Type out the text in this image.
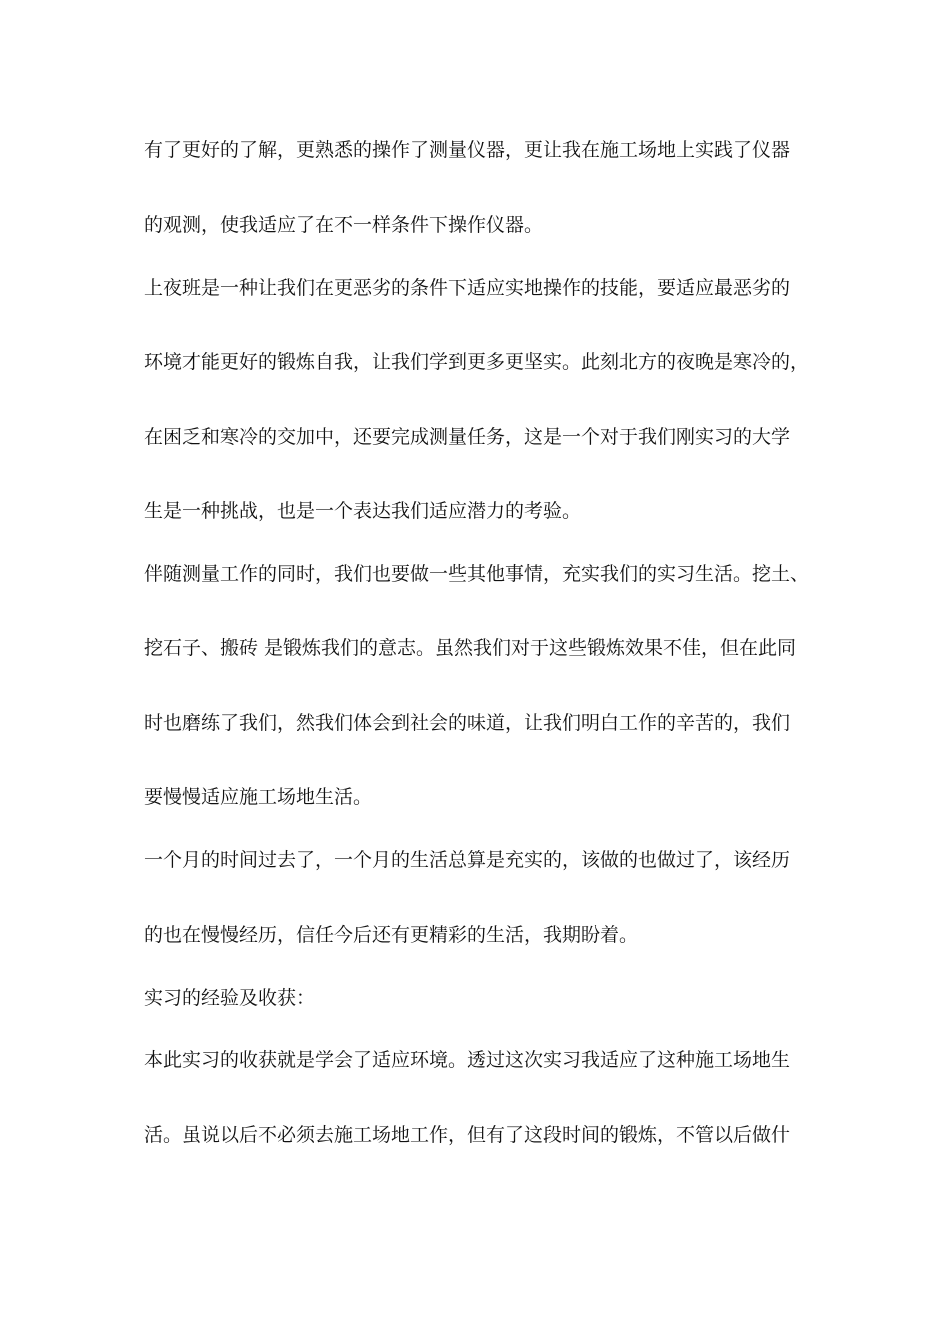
有了更好的了解，更熟悉的操作了测量仪器，更让我在施工场地上实践了仪器
的观测，使我适应了在不一样条件下操作仪器。
上夜班是一种让我们在更恶劣的条件下适应实地操作的技能，要适应最恶劣的
环境才能更好的锻炼自我，让我们学到更多更坚实。此刻北方的夜晚是寒冷的，
在困乏和寒冷的交加中，还要完成测量任务，这是一个对于我们刚实习的大学
生是一种挑战，也是一个表达我们适应潜力的考验。
伴随测量工作的同时，我们也要做一些其他事情，充实我们的实习生活。挖土、
挖石子、搬砖 是锻炼我们的意志。虽然我们对于这些锻炼效果不佳，但在此同
时也磨练了我们，然我们体会到社会的味道，让我们明白工作的辛苦的，我们
要慢慢适应施工场地生活。
一个月的时间过去了，一个月的生活总算是充实的，该做的也做过了，该经历
的也在慢慢经历，信任今后还有更精彩的生活，我期盼着。
实习的经验及收获：
本此实习的收获就是学会了适应环境。透过这次实习我适应了这种施工场地生
活。虽说以后不必须去施工场地工作，但有了这段时间的锻炼，不管以后做什
